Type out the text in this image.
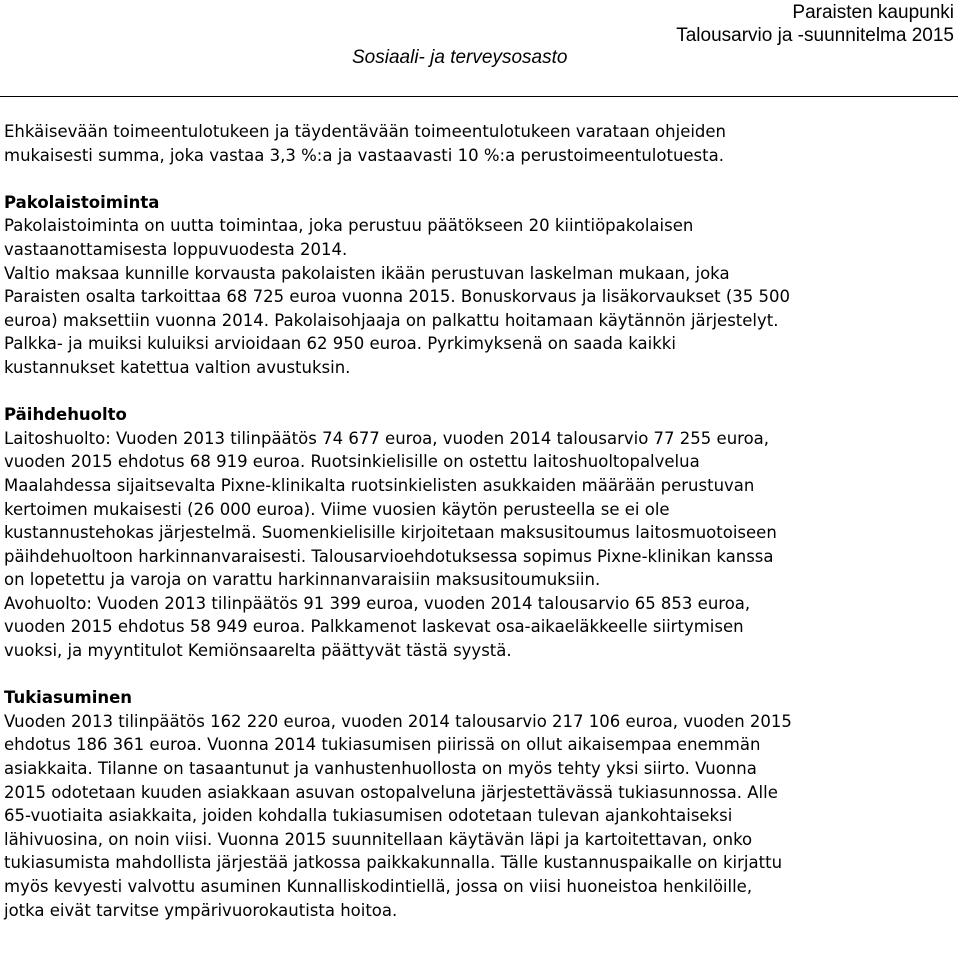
Paraisten kaupunki
Talousarvio ja -suunnitelma 2015
Sosiaali- ja terveysosasto
Ehkäisevään toimeentulotukeen ja täydentävään toimeentulotukeen varataan ohjeiden
mukaisesti summa, joka vastaa 3,3 %:a ja vastaavasti 10 %:a perustoimeentulotuesta.
Pakolaistoiminta
Pakolaistoiminta on uutta toimintaa, joka perustuu päätökseen 20 kiintiöpakolaisen
vastaanottamisesta loppuvuodesta 2014.
Valtio maksaa kunnille korvausta pakolaisten ikään perustuvan laskelman mukaan, joka
Paraisten osalta tarkoittaa 68 725 euroa vuonna 2015. Bonuskorvaus ja lisäkorvaukset (35 500
euroa) maksettiin vuonna 2014. Pakolaisohjaaja on palkattu hoitamaan käytännön järjestelyt.
Palkka- ja muiksi kuluiksi arvioidaan 62 950 euroa. Pyrkimyksenä on saada kaikki
kustannukset katettua valtion avustuksin.
Päihdehuolto
Laitoshuolto: Vuoden 2013 tilinpäätös 74 677 euroa, vuoden 2014 talousarvio 77 255 euroa,
vuoden 2015 ehdotus 68 919 euroa. Ruotsinkielisille on ostettu laitoshuoltopalvelua
Maalahdessa sijaitsevalta Pixne-klinikalta ruotsinkielisten asukkaiden määrään perustuvan
kertoimen mukaisesti (26 000 euroa). Viime vuosien käytön perusteella se ei ole
kustannustehokas järjestelmä. Suomenkielisille kirjoitetaan maksusitoumus laitosmuotoiseen
päihdehuoltoon harkinnanvaraisesti. Talousarvioehdotuksessa sopimus Pixne-klinikan kanssa
on lopetettu ja varoja on varattu harkinnanvaraisiin maksusitoumuksiin.
Avohuolto: Vuoden 2013 tilinpäätös 91 399 euroa, vuoden 2014 talousarvio 65 853 euroa,
vuoden 2015 ehdotus 58 949 euroa. Palkkamenot laskevat osa-aikaeläkkeelle siirtymisen
vuoksi, ja myyntitulot Kemiönsaarelta päättyvät tästä syystä.
Tukiasuminen
Vuoden 2013 tilinpäätös 162 220 euroa, vuoden 2014 talousarvio 217 106 euroa, vuoden 2015
ehdotus 186 361 euroa. Vuonna 2014 tukiasumisen piirissä on ollut aikaisempaa enemmän
asiakkaita. Tilanne on tasaantunut ja vanhustenhuollosta on myös tehty yksi siirto. Vuonna
2015 odotetaan kuuden asiakkaan asuvan ostopalveluna järjestettävässä tukiasunnossa. Alle
65-vuotiaita asiakkaita, joiden kohdalla tukiasumisen odotetaan tulevan ajankohtaiseksi
lähivuosina, on noin viisi. Vuonna 2015 suunnitellaan käytävän läpi ja kartoitettavan, onko
tukiasumista mahdollista järjestää jatkossa paikkakunnalla. Tälle kustannuspaikalle on kirjattu
myös kevyesti valvottu asuminen Kunnalliskodintiellä, jossa on viisi huoneistoa henkilöille,
jotka eivät tarvitse ympärivuorokautista hoitoa.
